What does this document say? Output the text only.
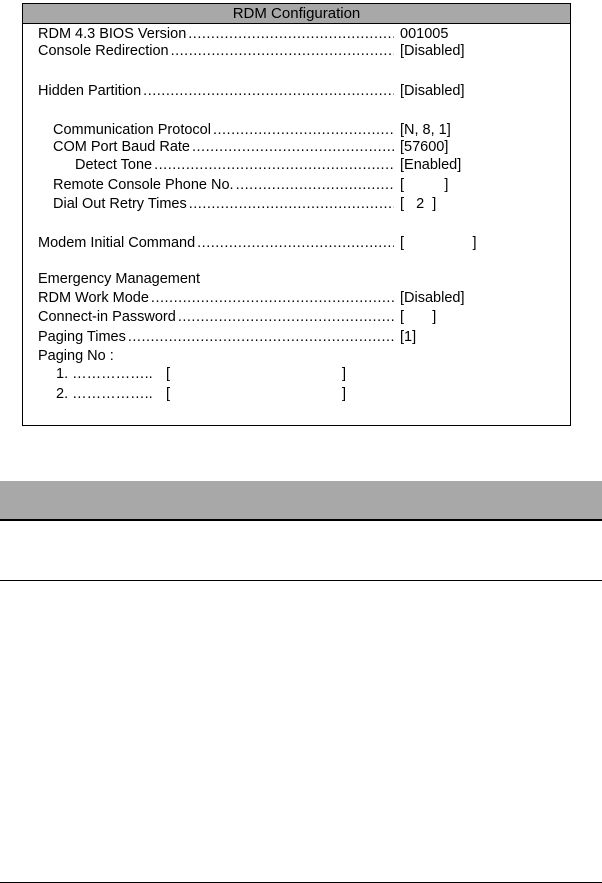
RDM Configuration
RDM 4.3 BIOS Version .....	001005
Console Redirection .....	[Disabled]
Hidden Partition .....	[Disabled]
Communication Protocol .....	[N, 8, 1]
COM Port Baud Rate .....	[57600]
Detect Tone .....	[Enabled]
Remote Console Phone No. .....	[          ]
Dial Out Retry Times .....	[   2  ]
Modem Initial Command .....	[                 ]
Emergency Management
RDM Work Mode .....	[Disabled]
Connect-in Password .....	[       ]
Paging Times .....	[1]
Paging No :
1. …………….. [	]
2. …………….. [	]
